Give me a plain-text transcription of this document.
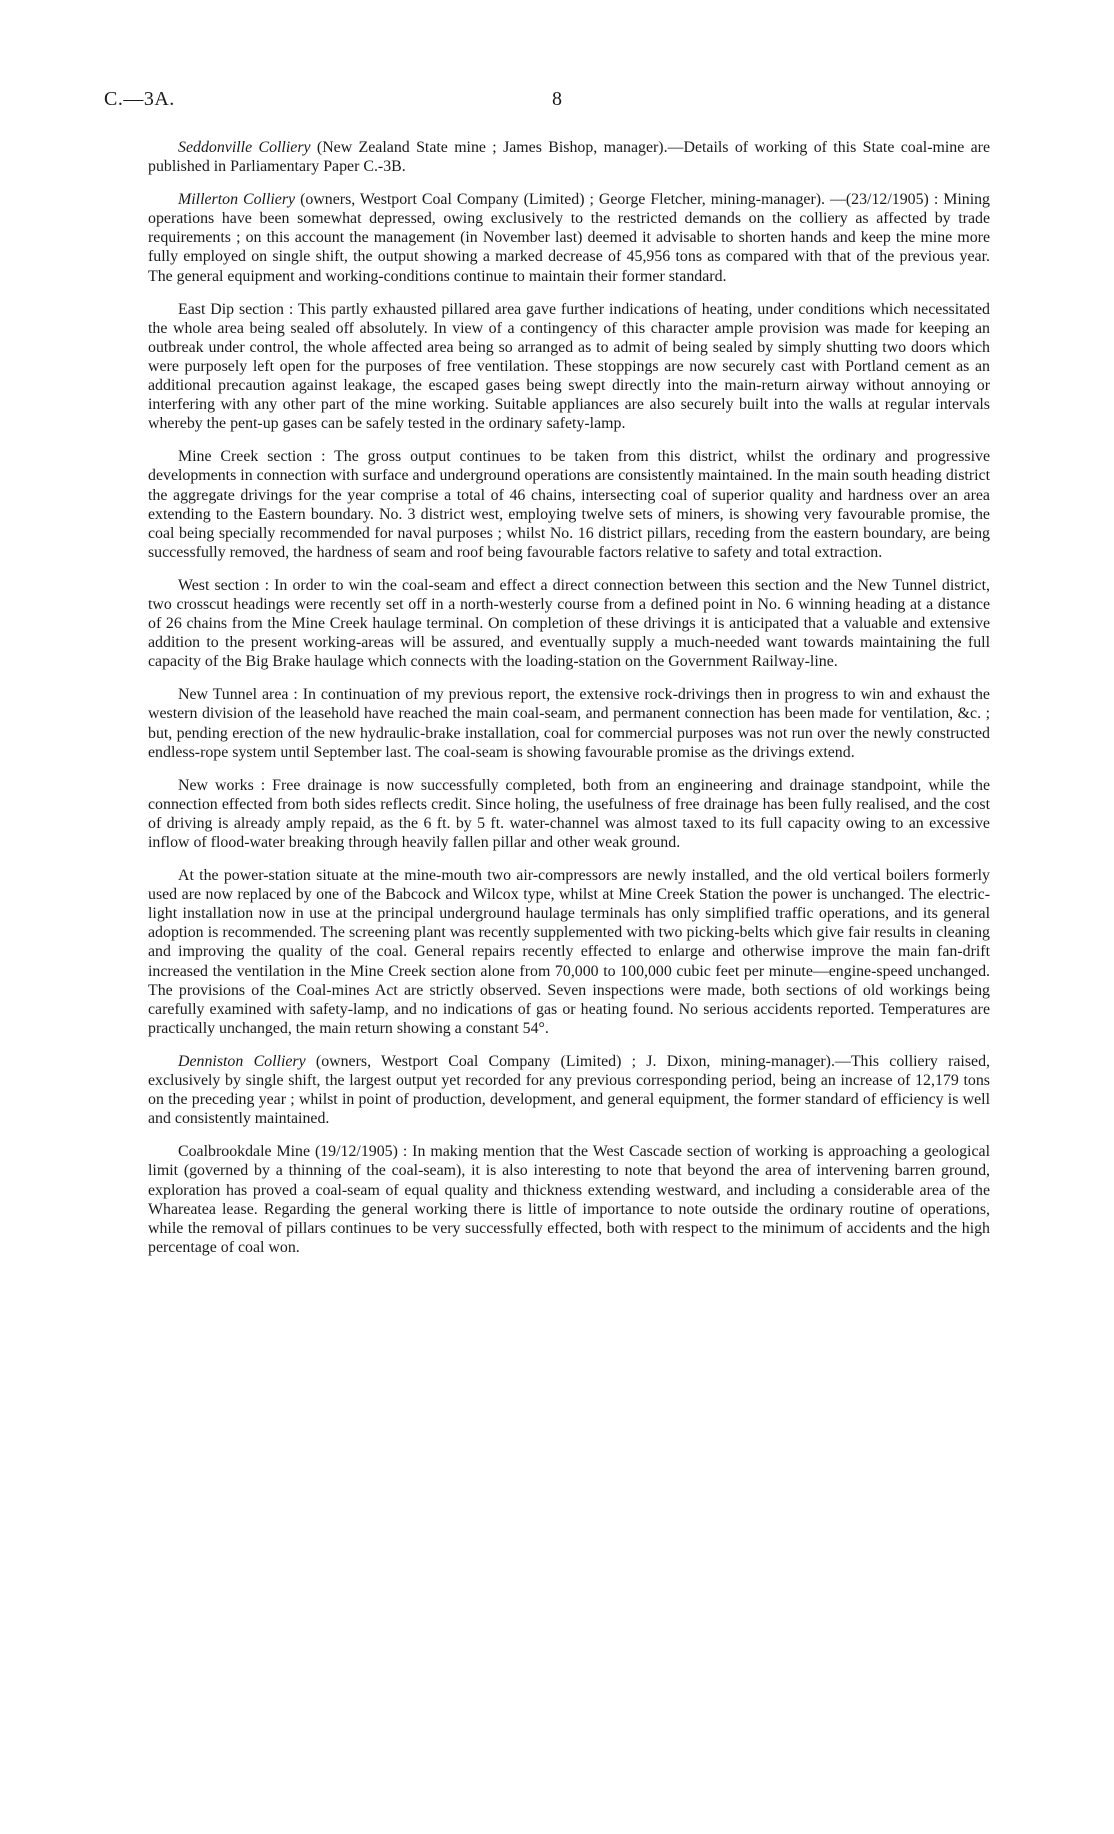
C.—3A.	8

Seddonville Colliery (New Zealand State mine ; James Bishop, manager).—Details of working of this State coal-mine are published in Parliamentary Paper C.-3B.

Millerton Colliery (owners, Westport Coal Company (Limited) ; George Fletcher, mining-manager). —(23/12/1905) : Mining operations have been somewhat depressed, owing exclusively to the restricted demands on the colliery as affected by trade requirements ; on this account the management (in November last) deemed it advisable to shorten hands and keep the mine more fully employed on single shift, the output showing a marked decrease of 45,956 tons as compared with that of the previous year. The general equipment and working-conditions continue to maintain their former standard.

East Dip section : This partly exhausted pillared area gave further indications of heating, under conditions which necessitated the whole area being sealed off absolutely. In view of a contingency of this character ample provision was made for keeping an outbreak under control, the whole affected area being so arranged as to admit of being sealed by simply shutting two doors which were purposely left open for the purposes of free ventilation. These stoppings are now securely cast with Portland cement as an additional precaution against leakage, the escaped gases being swept directly into the main-return airway without annoying or interfering with any other part of the mine working. Suitable appliances are also securely built into the walls at regular intervals whereby the pent-up gases can be safely tested in the ordinary safety-lamp.

Mine Creek section : The gross output continues to be taken from this district, whilst the ordinary and progressive developments in connection with surface and underground operations are consistently maintained. In the main south heading district the aggregate drivings for the year comprise a total of 46 chains, intersecting coal of superior quality and hardness over an area extending to the Eastern boundary. No. 3 district west, employing twelve sets of miners, is showing very favourable promise, the coal being specially recommended for naval purposes ; whilst No. 16 district pillars, receding from the eastern boundary, are being successfully removed, the hardness of seam and roof being favourable factors relative to safety and total extraction.

West section : In order to win the coal-seam and effect a direct connection between this section and the New Tunnel district, two crosscut headings were recently set off in a north-westerly course from a defined point in No. 6 winning heading at a distance of 26 chains from the Mine Creek haulage terminal. On completion of these drivings it is anticipated that a valuable and extensive addition to the present working-areas will be assured, and eventually supply a much-needed want towards maintaining the full capacity of the Big Brake haulage which connects with the loading-station on the Government Railway-line.

New Tunnel area : In continuation of my previous report, the extensive rock-drivings then in progress to win and exhaust the western division of the leasehold have reached the main coal-seam, and permanent connection has been made for ventilation, &c. ; but, pending erection of the new hydraulic-brake installation, coal for commercial purposes was not run over the newly constructed endless-rope system until September last. The coal-seam is showing favourable promise as the drivings extend.

New works : Free drainage is now successfully completed, both from an engineering and drainage standpoint, while the connection effected from both sides reflects credit. Since holing, the usefulness of free drainage has been fully realised, and the cost of driving is already amply repaid, as the 6 ft. by 5 ft. water-channel was almost taxed to its full capacity owing to an excessive inflow of flood-water breaking through heavily fallen pillar and other weak ground.

At the power-station situate at the mine-mouth two air-compressors are newly installed, and the old vertical boilers formerly used are now replaced by one of the Babcock and Wilcox type, whilst at Mine Creek Station the power is unchanged. The electric-light installation now in use at the principal underground haulage terminals has only simplified traffic operations, and its general adoption is recommended. The screening plant was recently supplemented with two picking-belts which give fair results in cleaning and improving the quality of the coal. General repairs recently effected to enlarge and otherwise improve the main fan-drift increased the ventilation in the Mine Creek section alone from 70,000 to 100,000 cubic feet per minute—engine-speed unchanged. The provisions of the Coal-mines Act are strictly observed. Seven inspections were made, both sections of old workings being carefully examined with safety-lamp, and no indications of gas or heating found. No serious accidents reported. Temperatures are practically unchanged, the main return showing a constant 54°.

Denniston Colliery (owners, Westport Coal Company (Limited) ; J. Dixon, mining-manager).—This colliery raised, exclusively by single shift, the largest output yet recorded for any previous corresponding period, being an increase of 12,179 tons on the preceding year ; whilst in point of production, development, and general equipment, the former standard of efficiency is well and consistently maintained.

Coalbrookdale Mine (19/12/1905) : In making mention that the West Cascade section of working is approaching a geological limit (governed by a thinning of the coal-seam), it is also interesting to note that beyond the area of intervening barren ground, exploration has proved a coal-seam of equal quality and thickness extending westward, and including a considerable area of the Whareatea lease. Regarding the general working there is little of importance to note outside the ordinary routine of operations, while the removal of pillars continues to be very successfully effected, both with respect to the minimum of accidents and the high percentage of coal won.
